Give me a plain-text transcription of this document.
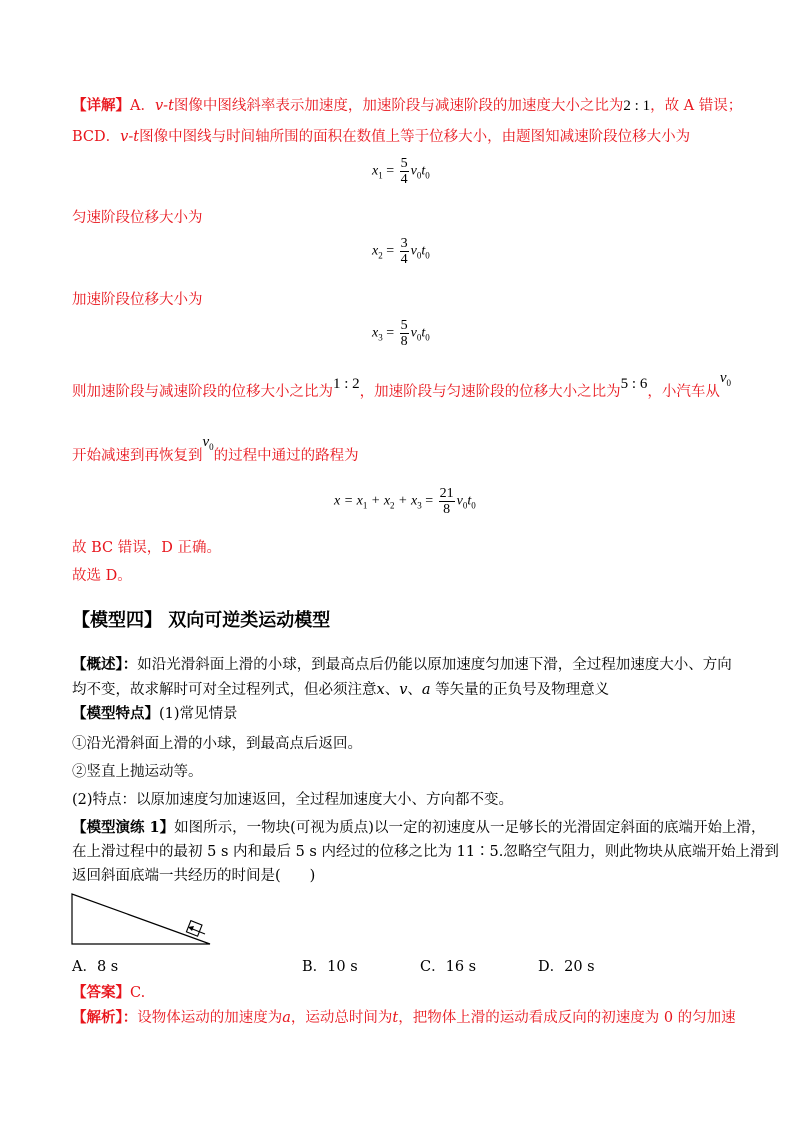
【详解】A．v-t图像中图线斜率表示加速度，加速阶段与减速阶段的加速度大小之比为2 : 1，故 A 错误；
BCD．v-t图像中图线与时间轴所围的面积在数值上等于位移大小，由题图知减速阶段位移大小为
$x_1 = \frac{5}{4} v_0t_0$
匀速阶段位移大小为
$x_2 = \frac{3}{4} v_0t_0$
加速阶段位移大小为
$x_3 = \frac{5}{8} v_0t_0$
则加速阶段与减速阶段的位移大小之比为1 : 2，加速阶段与匀速阶段的位移大小之比为5 : 6，小汽车从$v_0$
开始减速到再恢复到$v_0$的过程中通过的路程为
$x = x_1 + x_2 + x_3 = \frac{21}{8} v_0t_0$
故 BC 错误，D 正确。
故选 D。
【模型四】 双向可逆类运动模型
【概述】：如沿光滑斜面上滑的小球，到最高点后仍能以原加速度匀加速下滑，全过程加速度大小、方向
均不变，故求解时可对全过程列式，但必须注意x、v、a 等矢量的正负号及物理意义
【模型特点】(1)常见情景
①沿光滑斜面上滑的小球，到最高点后返回。
②竖直上抛运动等。
(2)特点：以原加速度匀加速返回，全过程加速度大小、方向都不变。
【模型演练 1】如图所示，一物块(可视为质点)以一定的初速度从一足够长的光滑固定斜面的底端开始上滑，
在上滑过程中的最初 5 s 内和最后 5 s 内经过的位移之比为 11∶5.忽略空气阻力，则此物块从底端开始上滑到
返回斜面底端一共经历的时间是(　　)
A．8 s	B．10 s	C．16 s	D．20 s
【答案】C.
【解析】：设物体运动的加速度为a，运动总时间为t，把物体上滑的运动看成反向的初速度为 0 的匀加速
